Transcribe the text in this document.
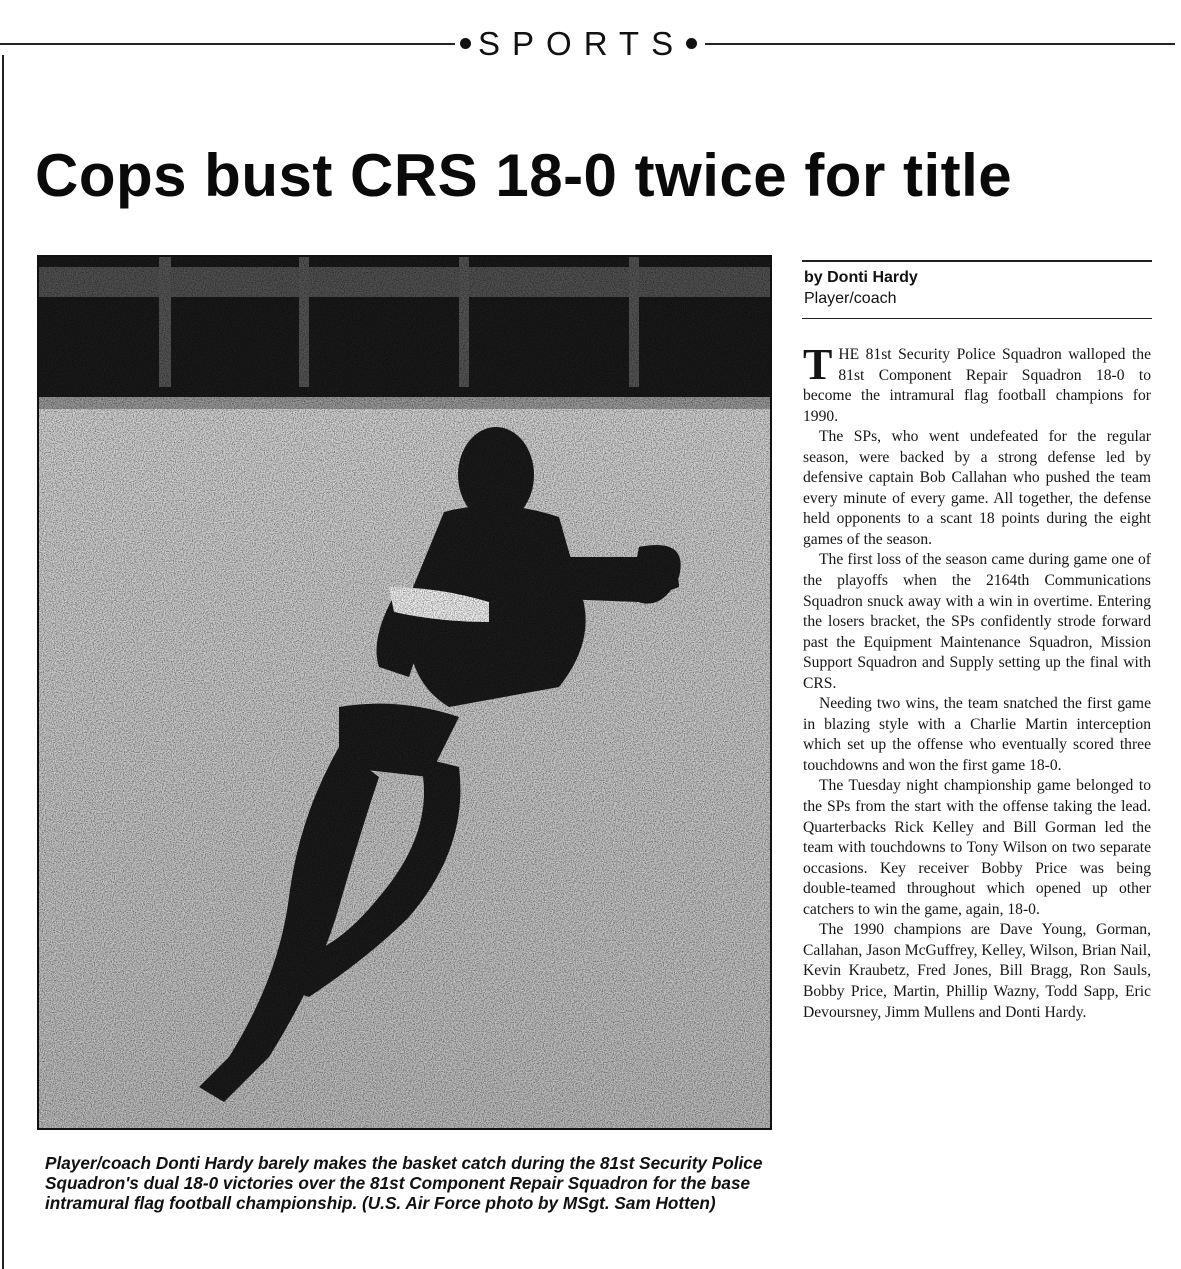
SPORTS
Cops bust CRS 18-0 twice for title

Player/coach Donti Hardy barely makes the basket catch during the 81st Security Police Squadron's dual 18-0 victories over the 81st Component Repair Squadron for the base intramural flag football championship. (U.S. Air Force photo by MSgt. Sam Hotten)

by Donti Hardy

Player/coach

THE 81st Security Police Squadron walloped the 81st Component Repair Squadron 18-0 to become the intramural flag football champions for 1990.

The SPs, who went undefeated for the regular season, were backed by a strong defense led by defensive captain Bob Callahan who pushed the team every minute of every game. All together, the defense held opponents to a scant 18 points during the eight games of the season.

The first loss of the season came during game one of the playoffs when the 2164th Communications Squadron snuck away with a win in overtime. Entering the losers bracket, the SPs confidently strode forward past the Equipment Maintenance Squadron, Mission Support Squadron and Supply setting up the final with CRS.

Needing two wins, the team snatched the first game in blazing style with a Charlie Martin interception which set up the offense who eventually scored three touchdowns and won the first game 18-0.

The Tuesday night championship game belonged to the SPs from the start with the offense taking the lead. Quarterbacks Rick Kelley and Bill Gorman led the team with touchdowns to Tony Wilson on two separate occasions. Key receiver Bobby Price was being double-teamed throughout which opened up other catchers to win the game, again, 18-0.

The 1990 champions are Dave Young, Gorman, Callahan, Jason McGuffrey, Kelley, Wilson, Brian Nail, Kevin Kraubetz, Fred Jones, Bill Bragg, Ron Sauls, Bobby Price, Martin, Phillip Wazny, Todd Sapp, Eric Devoursney, Jimm Mullens and Donti Hardy.
